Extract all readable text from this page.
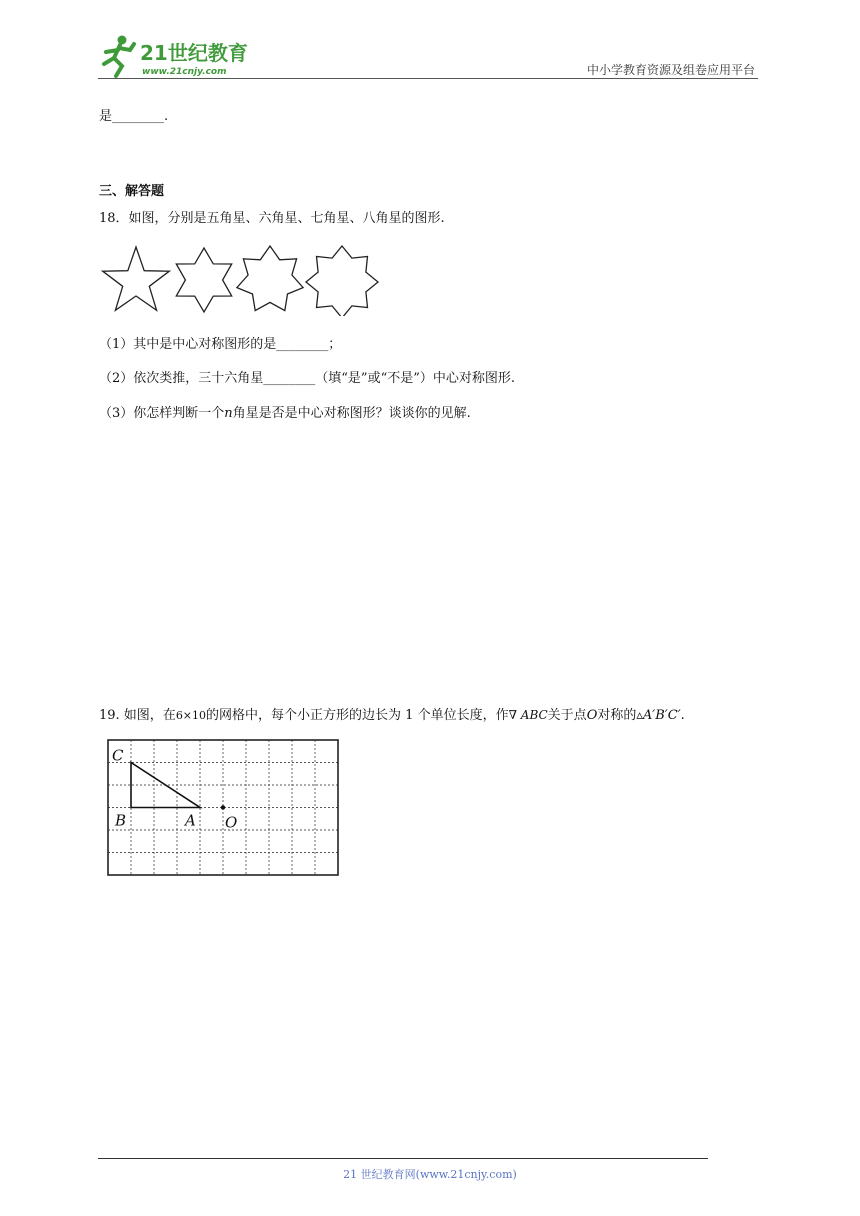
21世纪教育
www.21cnjy.com	中小学教育资源及组卷应用平台
是________.
三、解答题
18．如图，分别是五角星、六角星、七角星、八角星的图形.
（1）其中是中心对称图形的是________；
（2）依次类推，三十六角星________（填“是”或“不是”）中心对称图形.
（3）你怎样判断一个n角星是否是中心对称图形？谈谈你的见解.
19. 如图，在6×10的网格中，每个小正方形的边长为 1 个单位长度，作∇ ABC关于点O对称的▵A′B′C′.
C
B	A O
21 世纪教育网(www.21cnjy.com)
